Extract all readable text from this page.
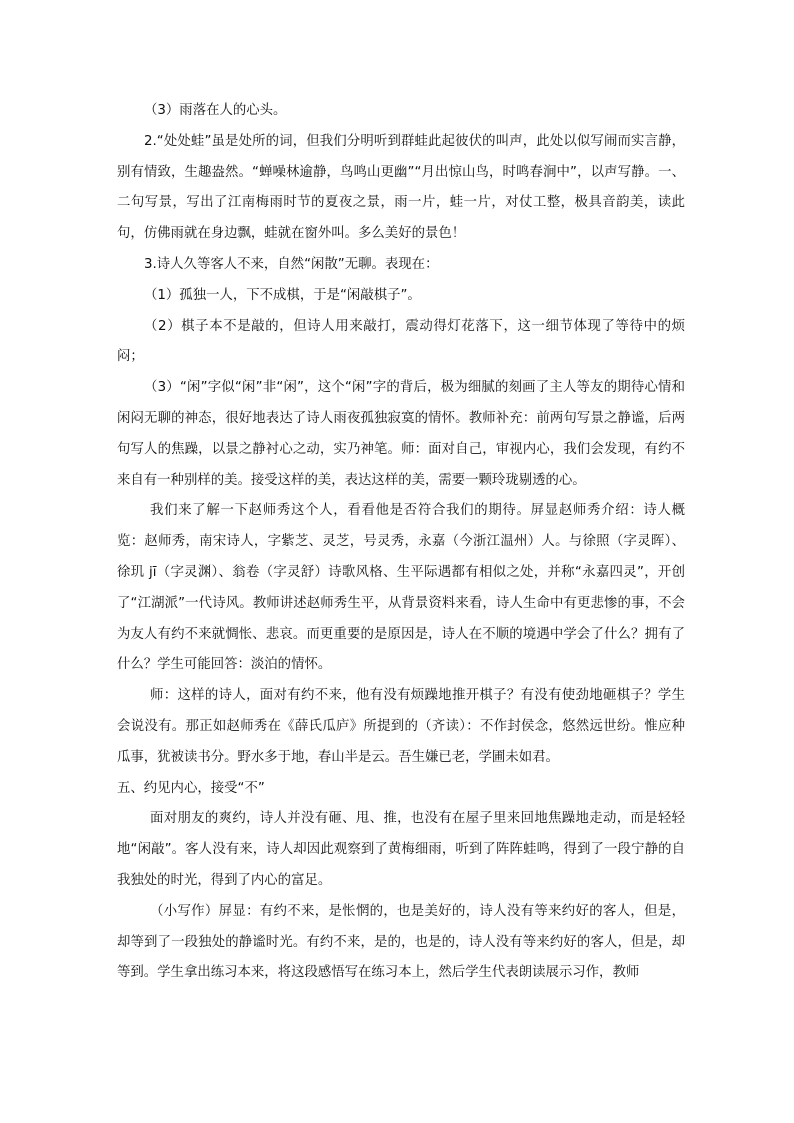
（3）雨落在人的心头。

2.“处处蛙”虽是处所的词，但我们分明听到群蛙此起彼伏的叫声，此处以似写闹而实言静，别有情致，生趣盎然。“蝉噪林逾静，鸟鸣山更幽”“月出惊山鸟，时鸣春涧中”，以声写静。一、二句写景，写出了江南梅雨时节的夏夜之景，雨一片，蛙一片，对仗工整，极具音韵美，读此句，仿佛雨就在身边飘，蛙就在窗外叫。多么美好的景色！

3.诗人久等客人不来，自然“闲散”无聊。表现在：

（1）孤独一人，下不成棋，于是“闲敲棋子”。

（2）棋子本不是敲的，但诗人用来敲打，震动得灯花落下，这一细节体现了等待中的烦闷；

（3）“闲”字似“闲”非“闲”，这个“闲”字的背后，极为细腻的刻画了主人等友的期待心情和闲闷无聊的神态，很好地表达了诗人雨夜孤独寂寞的情怀。教师补充：前两句写景之静谧，后两句写人的焦躁，以景之静衬心之动，实乃神笔。师：面对自己，审视内心，我们会发现，有约不来自有一种别样的美。接受这样的美，表达这样的美，需要一颗玲珑剔透的心。

我们来了解一下赵师秀这个人，看看他是否符合我们的期待。屏显赵师秀介绍：诗人概览：赵师秀，南宋诗人，字紫芝、灵芝，号灵秀，永嘉（今浙江温州）人。与徐照（字灵晖）、徐玑 jī（字灵渊）、翁卷（字灵舒）诗歌风格、生平际遇都有相似之处，并称“永嘉四灵”，开创了“江湖派”一代诗风。教师讲述赵师秀生平，从背景资料来看，诗人生命中有更悲惨的事，不会为友人有约不来就惆怅、悲哀。而更重要的是原因是，诗人在不顺的境遇中学会了什么？拥有了什么？学生可能回答：淡泊的情怀。

师：这样的诗人，面对有约不来，他有没有烦躁地推开棋子？有没有使劲地砸棋子？学生会说没有。那正如赵师秀在《薛氏瓜庐》所提到的（齐读）：不作封侯念，悠然远世纷。惟应种瓜事，犹被读书分。野水多于地，春山半是云。吾生嫌已老，学圃未如君。

五、约见内心，接受“不”

面对朋友的爽约，诗人并没有砸、甩、推，也没有在屋子里来回地焦躁地走动，而是轻轻地“闲敲”。客人没有来，诗人却因此观察到了黄梅细雨，听到了阵阵蛙鸣，得到了一段宁静的自我独处的时光，得到了内心的富足。

（小写作）屏显：有约不来，是怅惘的，也是美好的，诗人没有等来约好的客人，但是，却等到了一段独处的静谧时光。有约不来，是的，也是的，诗人没有等来约好的客人，但是，却等到。学生拿出练习本来，将这段感悟写在练习本上，然后学生代表朗读展示习作，教师
